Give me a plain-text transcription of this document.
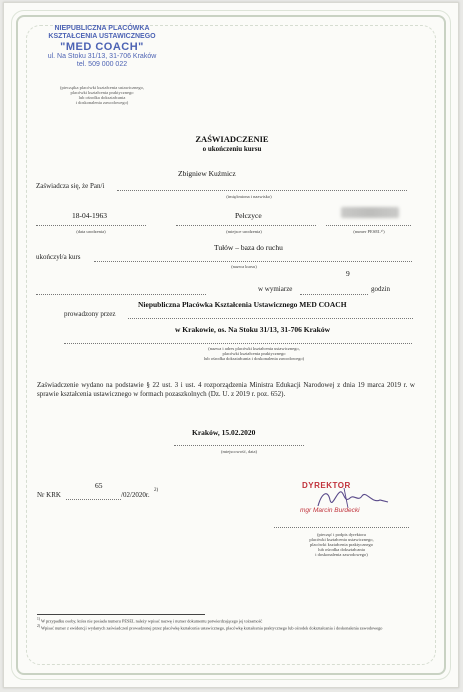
NIEPUBLICZNA PLACÓWKA
KSZTAŁCENIA USTAWICZNEGO
"MED COACH"
ul. Na Stoku 31/13, 31-706 Kraków
tel. 509 000 022
(pieczątka placówki kształcenia ustawicznego,
placówki kształcenia praktycznego
lub ośrodka dokształcania
i doskonalenia zawodowego)
ZAŚWIADCZENIE
o ukończeniu kursu
Zbigniew Kuźmicz
Zaświadcza się, że Pan/i
(imię/imiona i nazwisko)
18-04-1963	Pełczyce
(data urodzenia)	(miejsce urodzenia)	(numer PESEL¹⁾)
ukończył/a kurs
Tułów – baza do ruchu
(nazwa kursu)
9
w wymiarze	godzin
prowadzony przez
Niepubliczna Placówka Kształcenia Ustawicznego MED COACH
w Krakowie, os. Na Stoku 31/13, 31-706 Kraków
(nazwa i adres placówki kształcenia ustawicznego,
placówki kształcenia praktycznego
lub ośrodka dokształcania i doskonalenia zawodowego)
Zaświadczenie wydano na podstawie § 22 ust. 3 i ust. 4 rozporządzenia Ministra Edukacji Narodowej z dnia 19 marca 2019 r. w sprawie kształcenia ustawicznego w formach pozaszkolnych (Dz. U. z 2019 r. poz. 652).
Kraków, 15.02.2020
(miejscowość, data)
65
Nr KRK	/02/2020r.
2)
DYREKTOR
mgr Marcin Burdecki
(pieczęć i podpis dyrektora
placówki kształcenia ustawicznego,
placówki kształcenia praktycznego
lub ośrodka dokształcania
i doskonalenia zawodowego)
$^{1)}$ W przypadku osoby, która nie posiada numeru PESEL należy wpisać nazwę i numer dokumentu potwierdzającego jej tożsamość
$^{2)}$ Wpisać numer z ewidencji wydanych zaświadczeń prowadzonej przez placówkę kształcenia ustawicznego, placówkę kształcenia praktycznego lub ośrodek dokształcania i doskonalenia zawodowego
